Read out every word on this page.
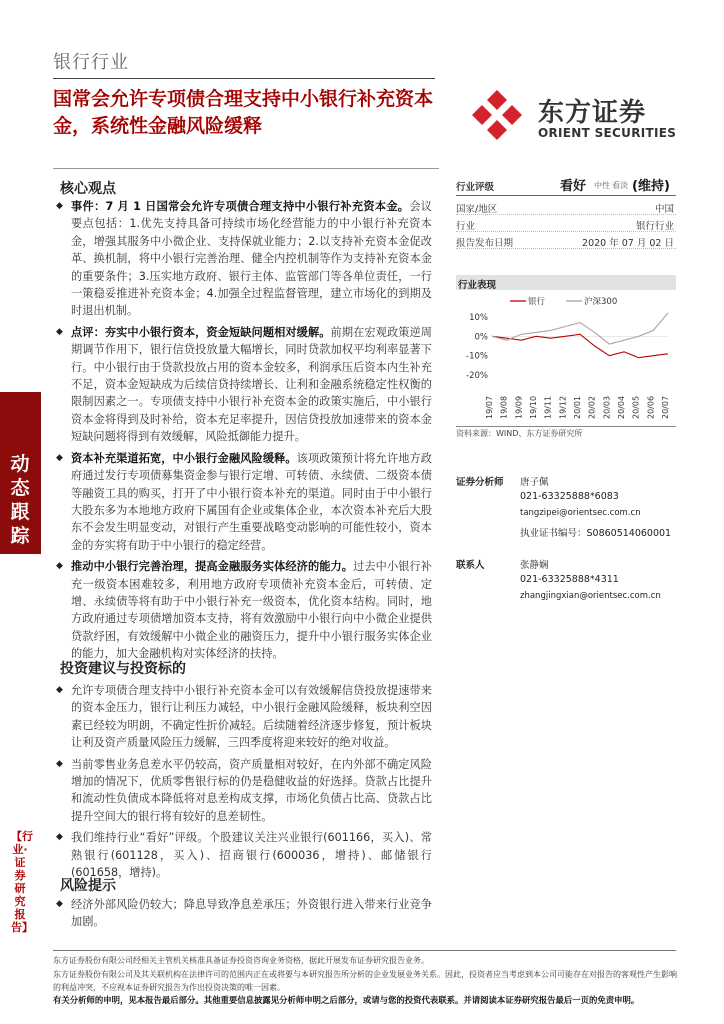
银行行业
国常会允许专项债合理支持中小银行补充资本金，系统性金融风险缓释	东方证券
ORIENT SECURITIES
动态跟踪
【行业·证券研究报告】
核心观点
◆ 事件：7 月 1 日国常会允许专项债合理支持中小银行补充资本金。会议要点包括：1.优先支持具备可持续市场化经营能力的中小银行补充资本金，增强其服务中小微企业、支持保就业能力；2.以支持补充资本金促改革、换机制，将中小银行完善治理、健全内控机制等作为支持补充资本金的重要条件；3.压实地方政府、银行主体、监管部门等各单位责任，一行一策稳妥推进补充资本金；4.加强全过程监督管理，建立市场化的到期及时退出机制。
◆ 点评：夯实中小银行资本，资金短缺问题相对缓解。前期在宏观政策逆周期调节作用下，银行信贷投放量大幅增长，同时贷款加权平均利率显著下行。中小银行由于贷款投放占用的资本金较多，利润承压后资本内生补充不足，资本金短缺成为后续信贷持续增长、让利和金融系统稳定性权衡的限制因素之一。专项债支持中小银行补充资本金的政策实施后，中小银行资本金将得到及时补给，资本充足率提升，因信贷投放加速带来的资本金短缺问题将得到有效缓解，风险抵御能力提升。
◆ 资本补充渠道拓宽，中小银行金融风险缓释。该项政策预计将允许地方政府通过发行专项债募集资金参与银行定增、可转债、永续债、二级资本债等融资工具的购买，打开了中小银行资本补充的渠道。同时由于中小银行大股东多为本地地方政府下属国有企业或集体企业，本次资本补充后大股东不会发生明显变动，对银行产生重要战略变动影响的可能性较小，资本金的夯实将有助于中小银行的稳定经营。
◆ 推动中小银行完善治理，提高金融服务实体经济的能力。过去中小银行补充一级资本困难较多，利用地方政府专项债补充资本金后，可转债、定增、永续债等将有助于中小银行补充一级资本，优化资本结构。同时，地方政府通过专项债增加资本支持，将有效激励中小银行向中小微企业提供贷款纾困，有效缓解中小微企业的融资压力，提升中小银行服务实体企业的能力，加大金融机构对实体经济的扶持。
投资建议与投资标的
◆ 允许专项债合理支持中小银行补充资本金可以有效缓解信贷投放提速带来的资本金压力，银行让利压力减轻，中小银行金融风险缓释，板块利空因素已经较为明朗，不确定性折价减轻。后续随着经济逐步修复，预计板块让利及资产质量风险压力缓解，三四季度将迎来较好的绝对收益。
◆ 当前零售业务息差水平仍较高，资产质量相对较好，在内外部不确定风险增加的情况下，优质零售银行标的仍是稳健收益的好选择。贷款占比提升和流动性负债成本降低将对息差构成支撑，市场化负债占比高、贷款占比提升空间大的银行将有较好的息差韧性。
◆ 我们维持行业“看好”评级。个股建议关注兴业银行(601166，买入)、常熟银行(601128，买入)、招商银行(600036，增持)、邮储银行(601658，增持)。
风险提示
◆ 经济外部风险仍较大；降息导致净息差承压；外资银行进入带来行业竞争加剧。
行业评级	看好 中性 看淡 (维持)
国家/地区	中国
行业	银行行业
报告发布日期	2020 年 07 月 02 日
行业表现
银行	沪深300
10%
0%
-10%
-20%
19/07 19/08 19/09 19/10 19/11 19/12 20/01 20/02 20/03 20/04 20/05 20/06 20/07
资料来源：WIND、东方证券研究所
证券分析师 唐子佩
021-63325888*6083
tangzipei@orientsec.com.cn
执业证书编号：S0860514060001
联系人	张静娴
021-63325888*4311
zhangjingxian@orientsec.com.cn
东方证券股份有限公司经相关主管机关核准具备证券投资咨询业务资格，据此开展发布证券研究报告业务。
东方证券股份有限公司及其关联机构在法律许可的范围内正在或将要与本研究报告所分析的企业发展业务关系。因此，投资者应当考虑到本公司可能存在对报告的客观性产生影响的利益冲突，不应视本证券研究报告为作出投资决策的唯一因素。
有关分析师的申明，见本报告最后部分。其他重要信息披露见分析师申明之后部分，或请与您的投资代表联系。并请阅读本证券研究报告最后一页的免责申明。
